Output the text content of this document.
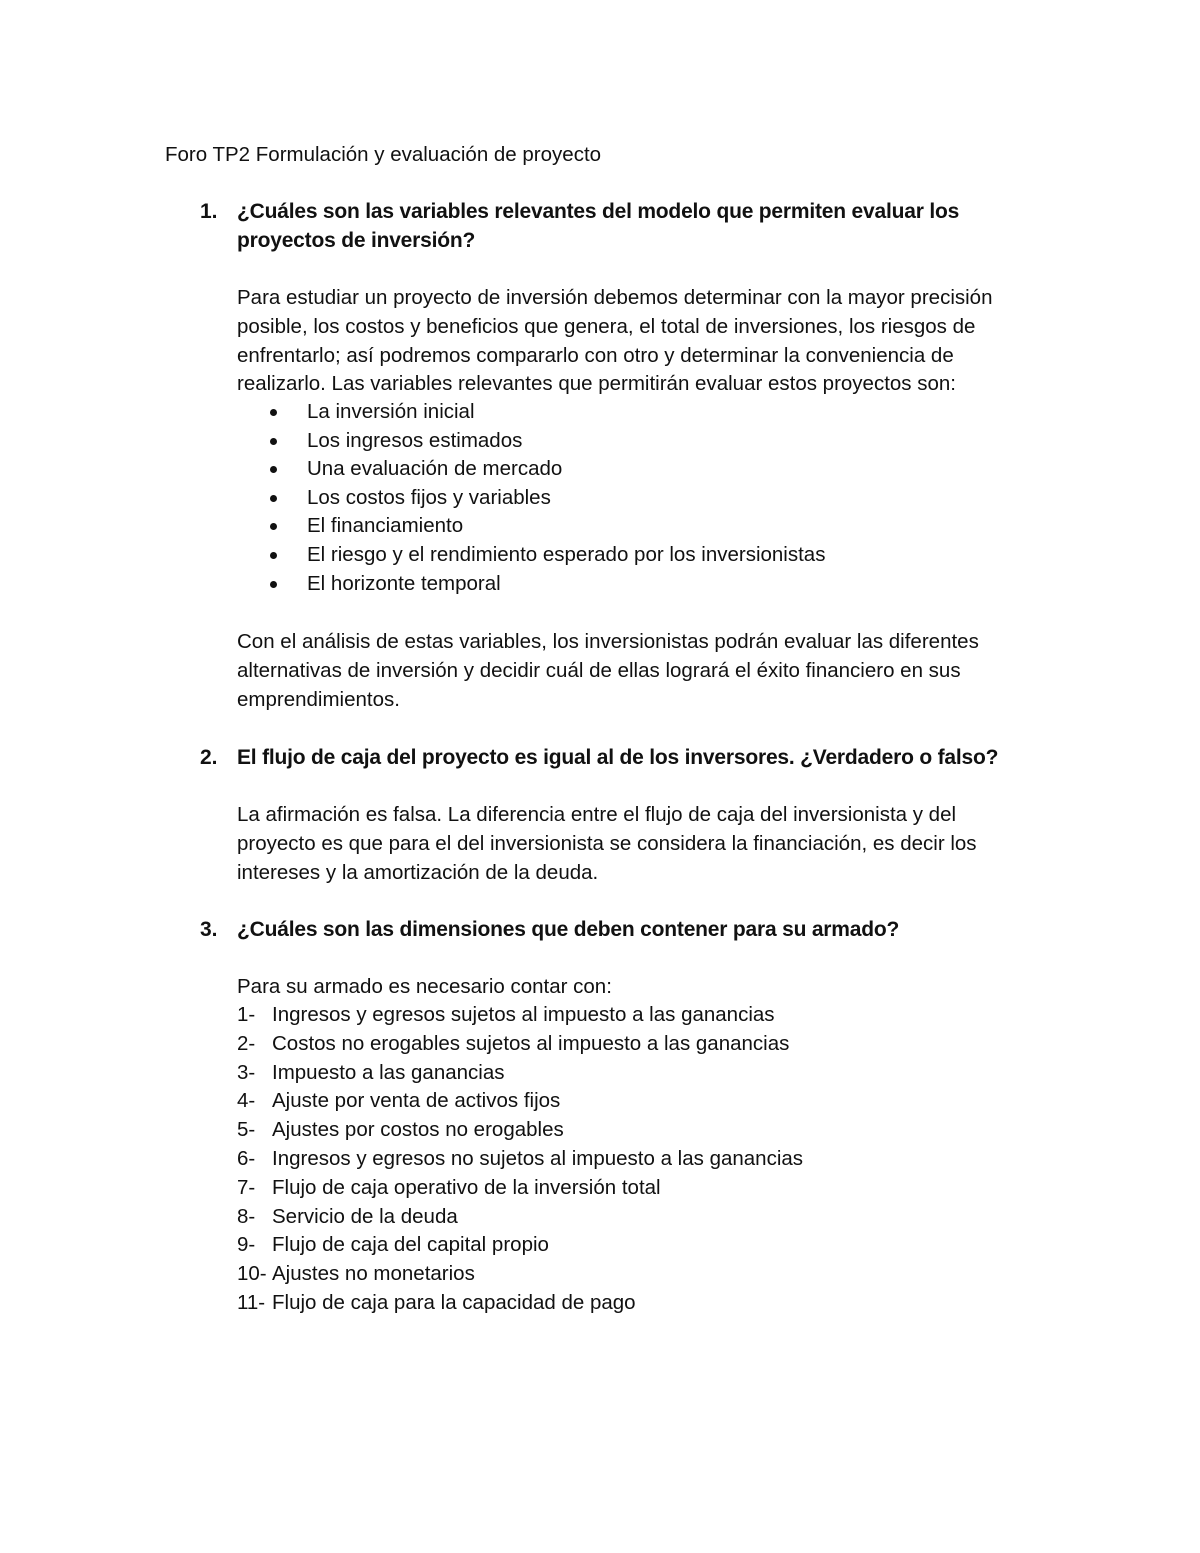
Foro TP2 Formulación y evaluación de proyecto
1. ¿Cuáles son las variables relevantes del modelo que permiten evaluar los
proyectos de inversión?
Para estudiar un proyecto de inversión debemos determinar con la mayor precisión
posible, los costos y beneficios que genera, el total de inversiones, los riesgos de
enfrentarlo; así podremos compararlo con otro y determinar la conveniencia de
realizarlo. Las variables relevantes que permitirán evaluar estos proyectos son:
La inversión inicial
Los ingresos estimados
Una evaluación de mercado
Los costos fijos y variables
El financiamiento
El riesgo y el rendimiento esperado por los inversionistas
El horizonte temporal
Con el análisis de estas variables, los inversionistas podrán evaluar las diferentes
alternativas de inversión y decidir cuál de ellas logrará el éxito financiero en sus
emprendimientos.
2. El flujo de caja del proyecto es igual al de los inversores. ¿Verdadero o falso?
La afirmación es falsa. La diferencia entre el flujo de caja del inversionista y del
proyecto es que para el del inversionista se considera la financiación, es decir los
intereses y la amortización de la deuda.
3. ¿Cuáles son las dimensiones que deben contener para su armado?
Para su armado es necesario contar con:
1- Ingresos y egresos sujetos al impuesto a las ganancias
2- Costos no erogables sujetos al impuesto a las ganancias
3- Impuesto a las ganancias
4- Ajuste por venta de activos fijos
5- Ajustes por costos no erogables
6- Ingresos y egresos no sujetos al impuesto a las ganancias
7- Flujo de caja operativo de la inversión total
8- Servicio de la deuda
9- Flujo de caja del capital propio
10- Ajustes no monetarios
11- Flujo de caja para la capacidad de pago
